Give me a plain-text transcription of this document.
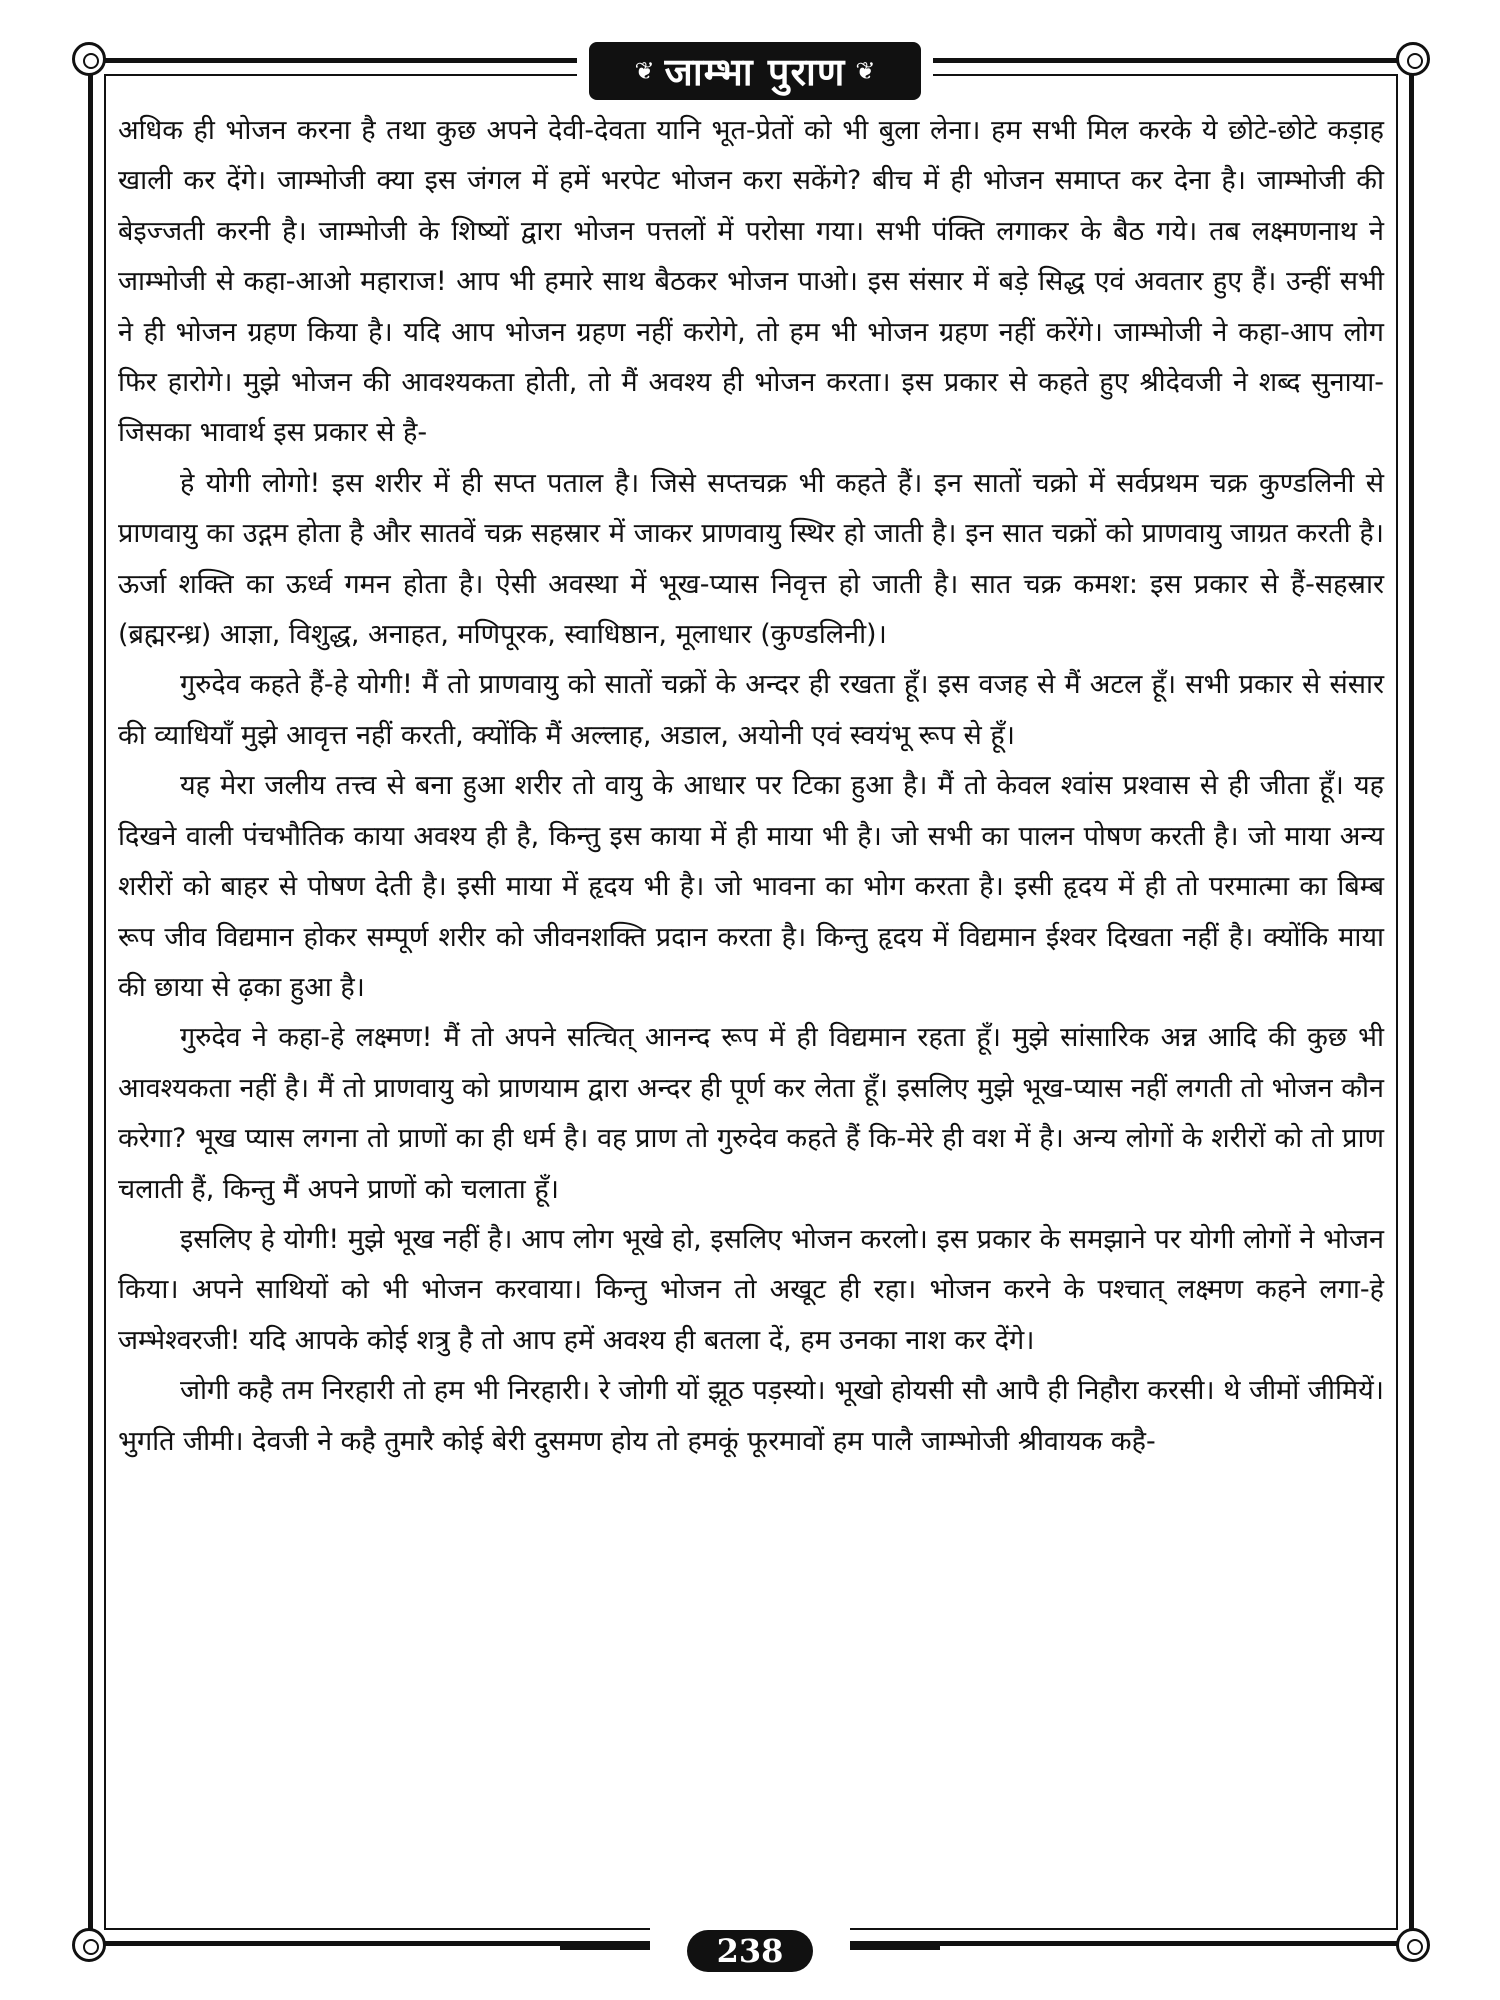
❦ जाम्भा पुराण ❦

अधिक ही भोजन करना है तथा कुछ अपने देवी-देवता यानि भूत-प्रेतों को भी बुला लेना। हम सभी मिल करके ये छोटे-छोटे कड़ाह खाली कर देंगे। जाम्भोजी क्या इस जंगल में हमें भरपेट भोजन करा सकेंगे? बीच में ही भोजन समाप्त कर देना है। जाम्भोजी की बेइज्जती करनी है। जाम्भोजी के शिष्यों द्वारा भोजन पत्तलों में परोसा गया। सभी पंक्ति लगाकर के बैठ गये। तब लक्ष्मणनाथ ने जाम्भोजी से कहा-आओ महाराज! आप भी हमारे साथ बैठकर भोजन पाओ। इस संसार में बड़े सिद्ध एवं अवतार हुए हैं। उन्हीं सभी ने ही भोजन ग्रहण किया है। यदि आप भोजन ग्रहण नहीं करोगे, तो हम भी भोजन ग्रहण नहीं करेंगे। जाम्भोजी ने कहा-आप लोग फिर हारोगे। मुझे भोजन की आवश्यकता होती, तो मैं अवश्य ही भोजन करता। इस प्रकार से कहते हुए श्रीदेवजी ने शब्द सुनाया-जिसका भावार्थ इस प्रकार से है-

हे योगी लोगो! इस शरीर में ही सप्त पताल है। जिसे सप्तचक्र भी कहते हैं। इन सातों चक्रो में सर्वप्रथम चक्र कुण्डलिनी से प्राणवायु का उद्गम होता है और सातवें चक्र सहस्रार में जाकर प्राणवायु स्थिर हो जाती है। इन सात चक्रों को प्राणवायु जाग्रत करती है। ऊर्जा शक्ति का ऊर्ध्व गमन होता है। ऐसी अवस्था में भूख-प्यास निवृत्त हो जाती है। सात चक्र कमश: इस प्रकार से हैं-सहस्रार (ब्रह्मरन्ध्र) आज्ञा, विशुद्ध, अनाहत, मणिपूरक, स्वाधिष्ठान, मूलाधार (कुण्डलिनी)।

गुरुदेव कहते हैं-हे योगी! मैं तो प्राणवायु को सातों चक्रों के अन्दर ही रखता हूँ। इस वजह से मैं अटल हूँ। सभी प्रकार से संसार की व्याधियाँ मुझे आवृत्त नहीं करती, क्योंकि मैं अल्लाह, अडाल, अयोनी एवं स्वयंभू रूप से हूँ।

यह मेरा जलीय तत्त्व से बना हुआ शरीर तो वायु के आधार पर टिका हुआ है। मैं तो केवल श्वांस प्रश्वास से ही जीता हूँ। यह दिखने वाली पंचभौतिक काया अवश्य ही है, किन्तु इस काया में ही माया भी है। जो सभी का पालन पोषण करती है। जो माया अन्य शरीरों को बाहर से पोषण देती है। इसी माया में हृदय भी है। जो भावना का भोग करता है। इसी हृदय में ही तो परमात्मा का बिम्ब रूप जीव विद्यमान होकर सम्पूर्ण शरीर को जीवनशक्ति प्रदान करता है। किन्तु हृदय में विद्यमान ईश्वर दिखता नहीं है। क्योंकि माया की छाया से ढ़का हुआ है।

गुरुदेव ने कहा-हे लक्ष्मण! मैं तो अपने सत्चित् आनन्द रूप में ही विद्यमान रहता हूँ। मुझे सांसारिक अन्न आदि की कुछ भी आवश्यकता नहीं है। मैं तो प्राणवायु को प्राणयाम द्वारा अन्दर ही पूर्ण कर लेता हूँ। इसलिए मुझे भूख-प्यास नहीं लगती तो भोजन कौन करेगा? भूख प्यास लगना तो प्राणों का ही धर्म है। वह प्राण तो गुरुदेव कहते हैं कि-मेरे ही वश में है। अन्य लोगों के शरीरों को तो प्राण चलाती हैं, किन्तु मैं अपने प्राणों को चलाता हूँ।

इसलिए हे योगी! मुझे भूख नहीं है। आप लोग भूखे हो, इसलिए भोजन करलो। इस प्रकार के समझाने पर योगी लोगों ने भोजन किया। अपने साथियों को भी भोजन करवाया। किन्तु भोजन तो अखूट ही रहा। भोजन करने के पश्चात् लक्ष्मण कहने लगा-हे जम्भेश्वरजी! यदि आपके कोई शत्रु है तो आप हमें अवश्य ही बतला दें, हम उनका नाश कर देंगे।

जोगी कहै तम निरहारी तो हम भी निरहारी। रे जोगी यों झूठ पड़स्यो। भूखो होयसी सौ आपै ही निहौरा करसी। थे जीमों जीमियें। भुगति जीमी। देवजी ने कहै तुमारै कोई बेरी दुसमण होय तो हमकूं फूरमावों हम पालै जाम्भोजी श्रीवायक कहै-

238
